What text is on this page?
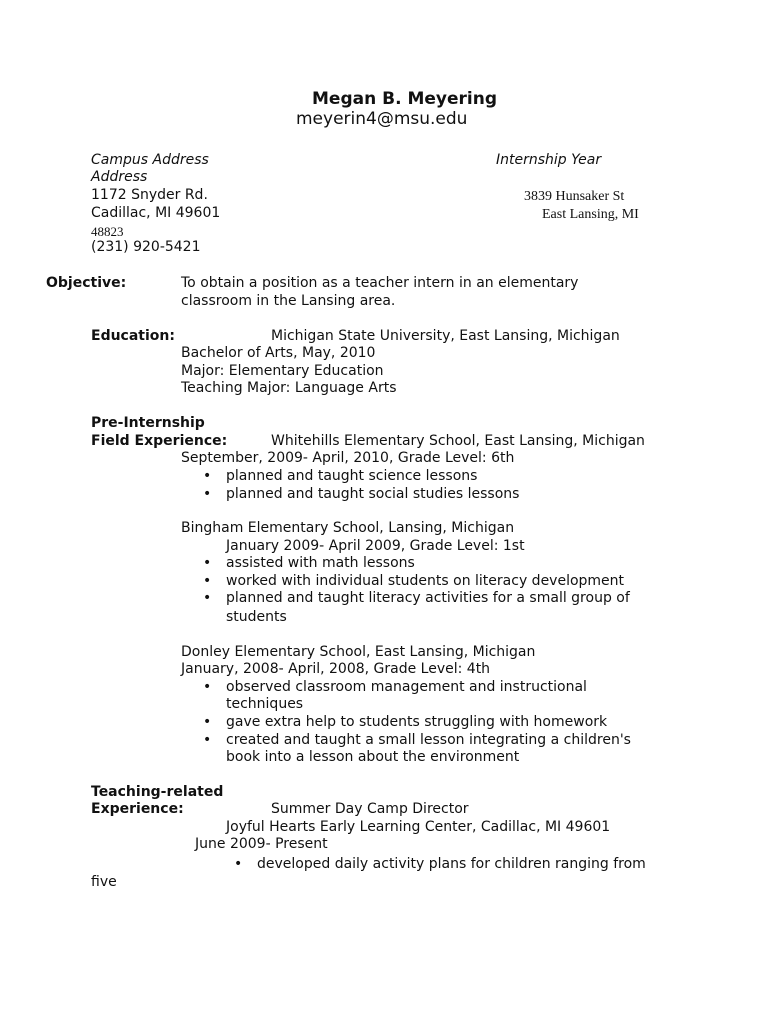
Megan B. Meyering
meyerin4@msu.edu
Campus Address
Address
1172 Snyder Rd.
Cadillac, MI 49601
48823
(231) 920-5421
Internship Year
3839 Hunsaker St
East Lansing, MI
Objective:	To obtain a position as a teacher intern in an elementary
classroom in the Lansing area.
Education:	Michigan State University, East Lansing, Michigan
Bachelor of Arts, May, 2010
Major: Elementary Education
Teaching Major: Language Arts
Pre-Internship
Field Experience:	Whitehills Elementary School, East Lansing, Michigan
September, 2009- April, 2010, Grade Level: 6th
• planned and taught science lessons
• planned and taught social studies lessons
Bingham Elementary School, Lansing, Michigan
January 2009- April 2009, Grade Level: 1st
• assisted with math lessons
• worked with individual students on literacy development
• planned and taught literacy activities for a small group of
students
Donley Elementary School, East Lansing, Michigan
January, 2008- April, 2008, Grade Level: 4th
• observed classroom management and instructional
techniques
• gave extra help to students struggling with homework
• created and taught a small lesson integrating a children's
book into a lesson about the environment
Teaching-related
Experience:	Summer Day Camp Director
Joyful Hearts Early Learning Center, Cadillac, MI 49601
June 2009- Present
• developed daily activity plans for children ranging from
five
